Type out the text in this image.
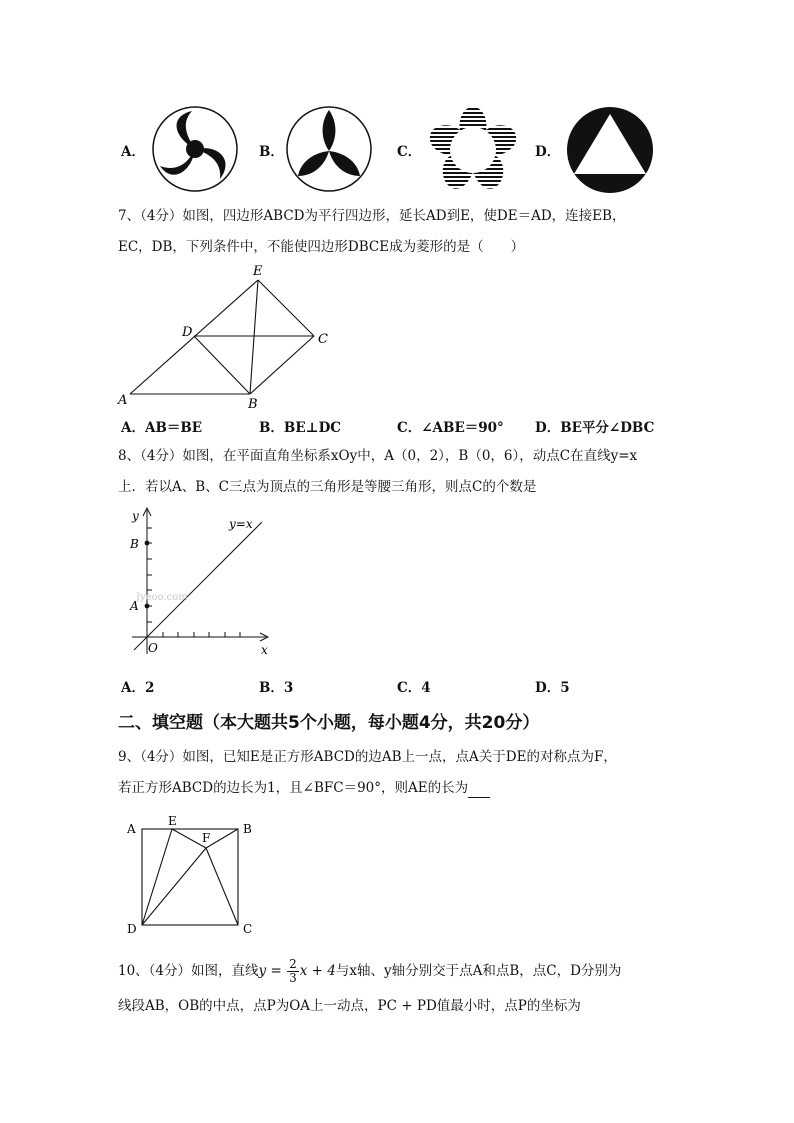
A．	B．	C．	D．
7、（4分）如图，四边形ABCD为平行四边形，延长AD到E，使DE＝AD，连接EB，
EC，DB，下列条件中，不能使四边形DBCE成为菱形的是（　　）
E
D	C
A	B
A．AB＝BE	B．BE⊥DC	C．∠ABE＝90° D．BE平分∠DBC
8、（4分）如图，在平面直角坐标系xOy中，A（0，2），B（0，6），动点C在直线y=x
上．若以A、B、C三点为顶点的三角形是等腰三角形，则点C的个数是
Jyeoo.com
y
B
A
O	x
y=x
A．2	B．3	C．4	D．5
二、填空题（本大题共5个小题，每小题4分，共20分）
9、（4分）如图，已知E是正方形ABCD的边AB上一点，点A关于DE的对称点为F，
若正方形ABCD的边长为1，且∠BFC＝90°，则AE的长为
A
E
B
F
D	C
10、（4分）如图，直线$y = \frac{2}{3}$ x + 4与x轴、y轴分别交于点A和点B，点C，D分别为
线段AB，OB的中点，点P为OA上一动点，PC + PD值最小时，点P的坐标为
